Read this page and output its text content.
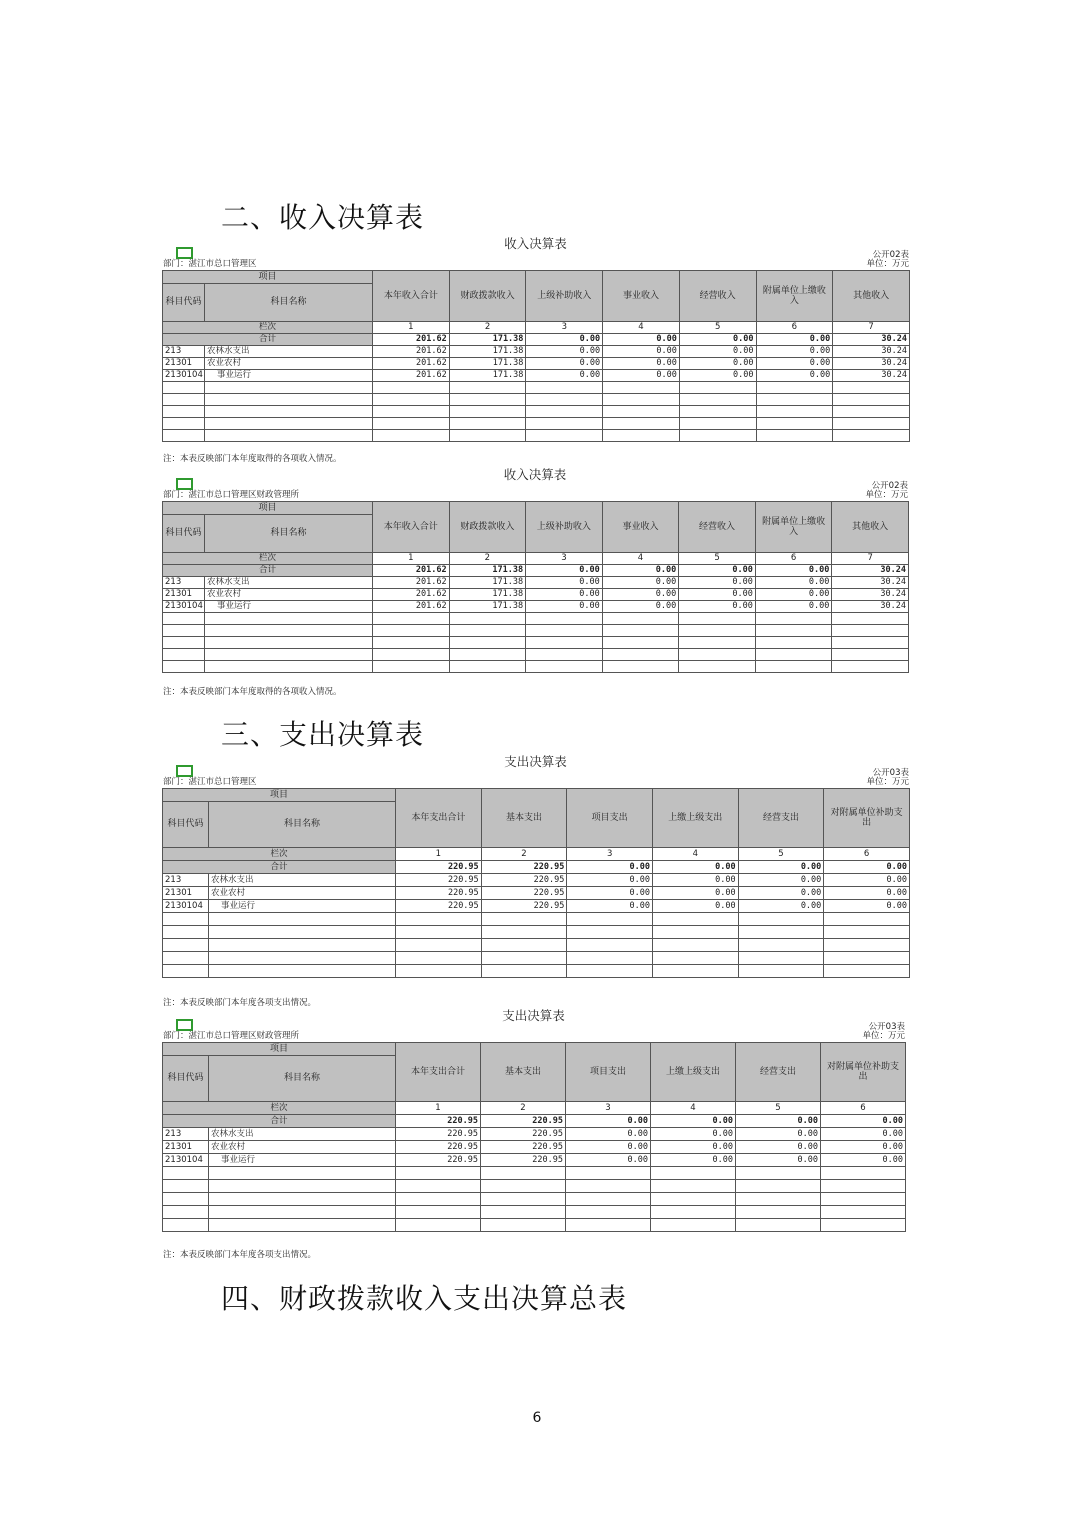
二、收入决算表
收入决算表
公开02表
部门：湛江市总口管理区	单位：万元
项目		本年收入合计	财政拨款收入	上级补助收入	事业收入	经营收入	附属单位上缴收入	其他收入
科目代码	科目名称							
栏次		1	2	3	4	5	6	7
合计		201.62	171.38	0.00	0.00	0.00	0.00	30.24
213	农林水支出	201.62	171.38	0.00	0.00	0.00	0.00	30.24
21301	农业农村	201.62	171.38	0.00	0.00	0.00	0.00	30.24
2130104	事业运行	201.62	171.38	0.00	0.00	0.00	0.00	30.24

注：本表反映部门本年度取得的各项收入情况。
收入决算表
公开02表
部门：湛江市总口管理区财政管理所	单位：万元
项目		本年收入合计	财政拨款收入	上级补助收入	事业收入	经营收入	附属单位上缴收入	其他收入
科目代码	科目名称							
栏次		1	2	3	4	5	6	7
合计		201.62	171.38	0.00	0.00	0.00	0.00	30.24
213	农林水支出	201.62	171.38	0.00	0.00	0.00	0.00	30.24
21301	农业农村	201.62	171.38	0.00	0.00	0.00	0.00	30.24
2130104	事业运行	201.62	171.38	0.00	0.00	0.00	0.00	30.24

注：本表反映部门本年度取得的各项收入情况。
三、支出决算表
支出决算表
公开03表
部门：湛江市总口管理区	单位：万元
项目		本年支出合计	基本支出	项目支出	上缴上级支出	经营支出	对附属单位补助支出
科目代码	科目名称						
栏次		1	2	3	4	5	6
合计		220.95	220.95	0.00	0.00	0.00	0.00
213	农林水支出	220.95	220.95	0.00	0.00	0.00	0.00
21301	农业农村	220.95	220.95	0.00	0.00	0.00	0.00
2130104	事业运行	220.95	220.95	0.00	0.00	0.00	0.00

注：本表反映部门本年度各项支出情况。
支出决算表
公开03表
部门：湛江市总口管理区财政管理所	单位：万元
项目		本年支出合计	基本支出	项目支出	上缴上级支出	经营支出	对附属单位补助支出
科目代码	科目名称						
栏次		1	2	3	4	5	6
合计		220.95	220.95	0.00	0.00	0.00	0.00
213	农林水支出	220.95	220.95	0.00	0.00	0.00	0.00
21301	农业农村	220.95	220.95	0.00	0.00	0.00	0.00
2130104	事业运行	220.95	220.95	0.00	0.00	0.00	0.00

注：本表反映部门本年度各项支出情况。
四、财政拨款收入支出决算总表
6
